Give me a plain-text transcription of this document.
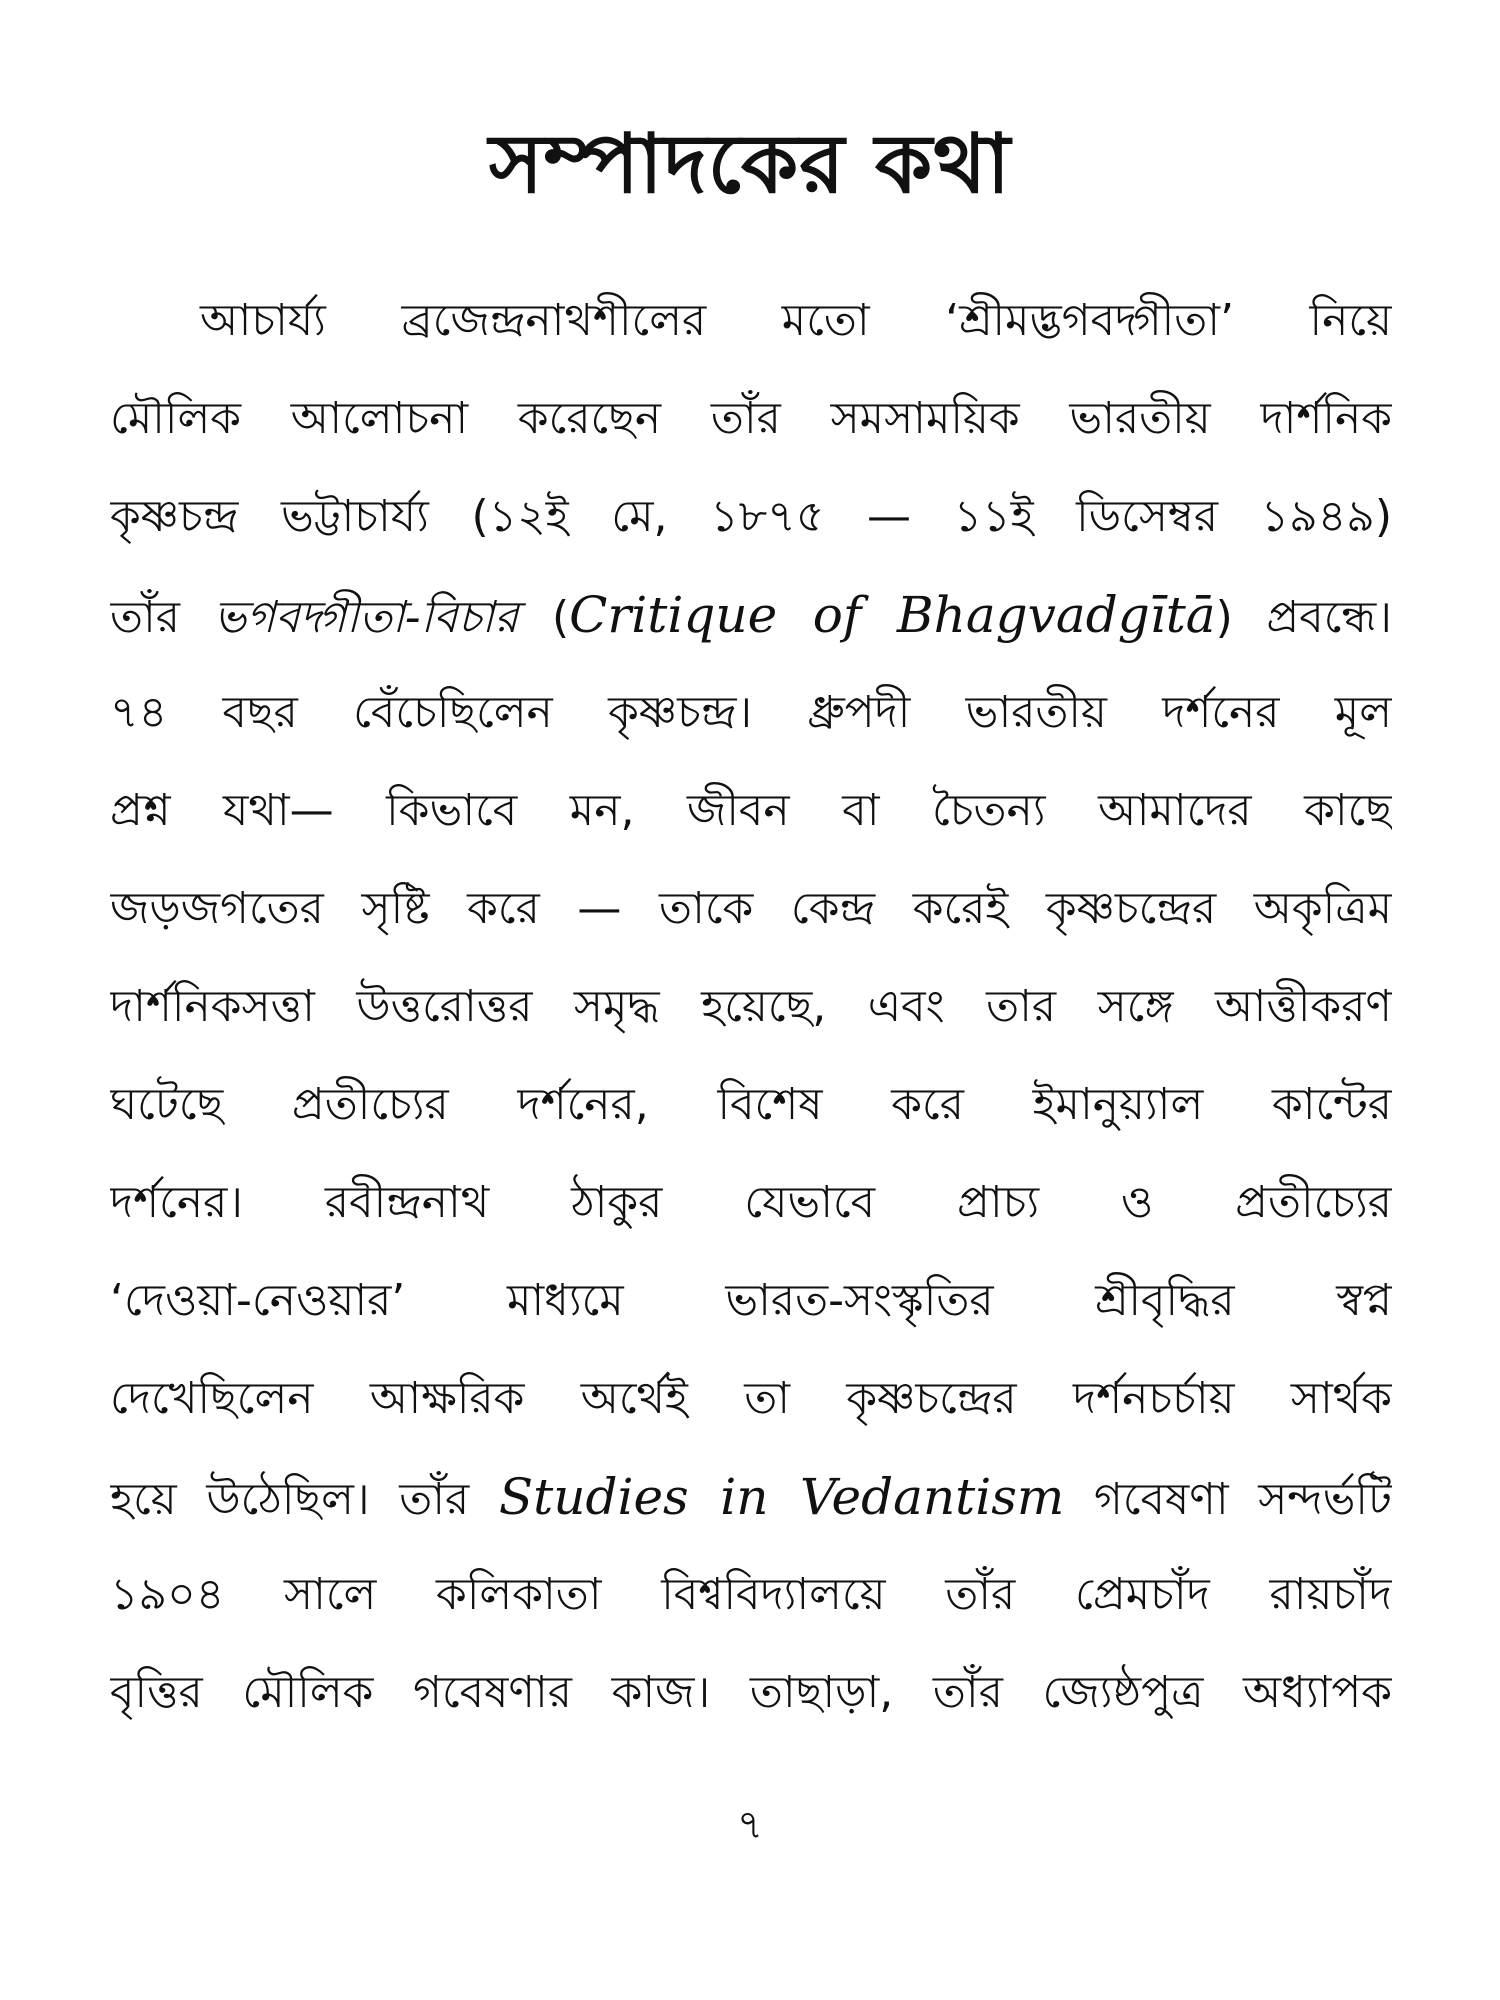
সম্পাদকের কথা
আচার্য্য ব্রজেন্দ্রনাথশীলের মতো ‘শ্রীমদ্ভগবদ্গীতা’ নিয়ে
মৌলিক আলোচনা করেছেন তাঁর সমসাময়িক ভারতীয় দার্শনিক
কৃষ্ণচন্দ্র ভট্টাচার্য্য (১২ই মে, ১৮৭৫ — ১১ই ডিসেম্বর ১৯৪৯)
তাঁর ভগবদ্গীতা-বিচার (Critique of Bhagvadgītā) প্রবন্ধে।
৭৪ বছর বেঁচেছিলেন কৃষ্ণচন্দ্র। ধ্রুপদী ভারতীয় দর্শনের মূল
প্রশ্ন যথা— কিভাবে মন, জীবন বা চৈতন্য আমাদের কাছে
জড়জগতের সৃষ্টি করে — তাকে কেন্দ্র করেই কৃষ্ণচন্দ্রের অকৃত্রিম
দার্শনিকসত্তা উত্তরোত্তর সমৃদ্ধ হয়েছে, এবং তার সঙ্গে আত্তীকরণ
ঘটেছে প্রতীচ্যের দর্শনের, বিশেষ করে ইমানুয়্যাল কান্টের
দর্শনের। রবীন্দ্রনাথ ঠাকুর যেভাবে প্রাচ্য ও প্রতীচ্যের
‘দেওয়া-নেওয়ার’ মাধ্যমে ভারত-সংস্কৃতির শ্রীবৃদ্ধির স্বপ্ন
দেখেছিলেন আক্ষরিক অর্থেই তা কৃষ্ণচন্দ্রের দর্শনচর্চায় সার্থক
হয়ে উঠেছিল। তাঁর Studies in Vedantism গবেষণা সন্দর্ভটি
১৯০৪ সালে কলিকাতা বিশ্ববিদ্যালয়ে তাঁর প্রেমচাঁদ রায়চাঁদ
বৃত্তির মৌলিক গবেষণার কাজ। তাছাড়া, তাঁর জ্যেষ্ঠপুত্র অধ্যাপক
৭
